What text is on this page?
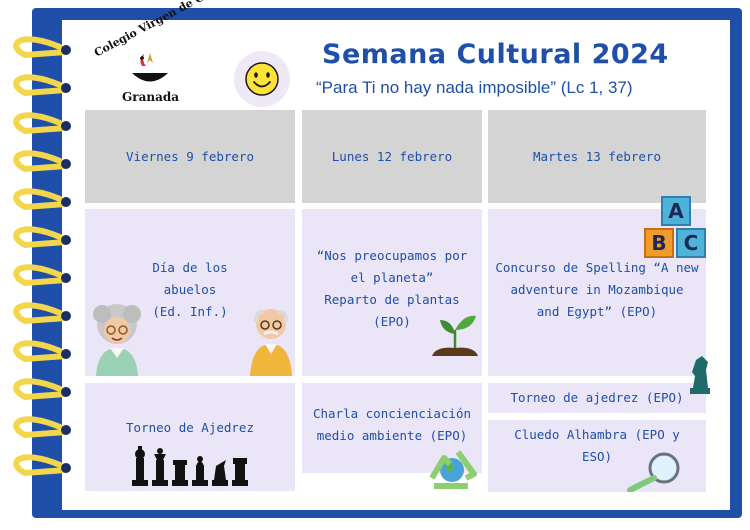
Granada
Semana Cultural 2024
“Para Ti no hay nada imposible” (Lc 1, 37)
Viernes 9 febrero	Lunes 12 febrero	Martes 13 febrero
Día de los
abuelos
(Ed. Inf.)
Torneo de Ajedrez
“Nos preocupamos por
el planeta”
Reparto de plantas
(EPO)
Charla concienciación
medio ambiente (EPO)
Concurso de Spelling “A new
adventure in Mozambique
and Egypt” (EPO)
A
B C
Torneo de ajedrez (EPO)
Cluedo Alhambra (EPO y
ESO)
